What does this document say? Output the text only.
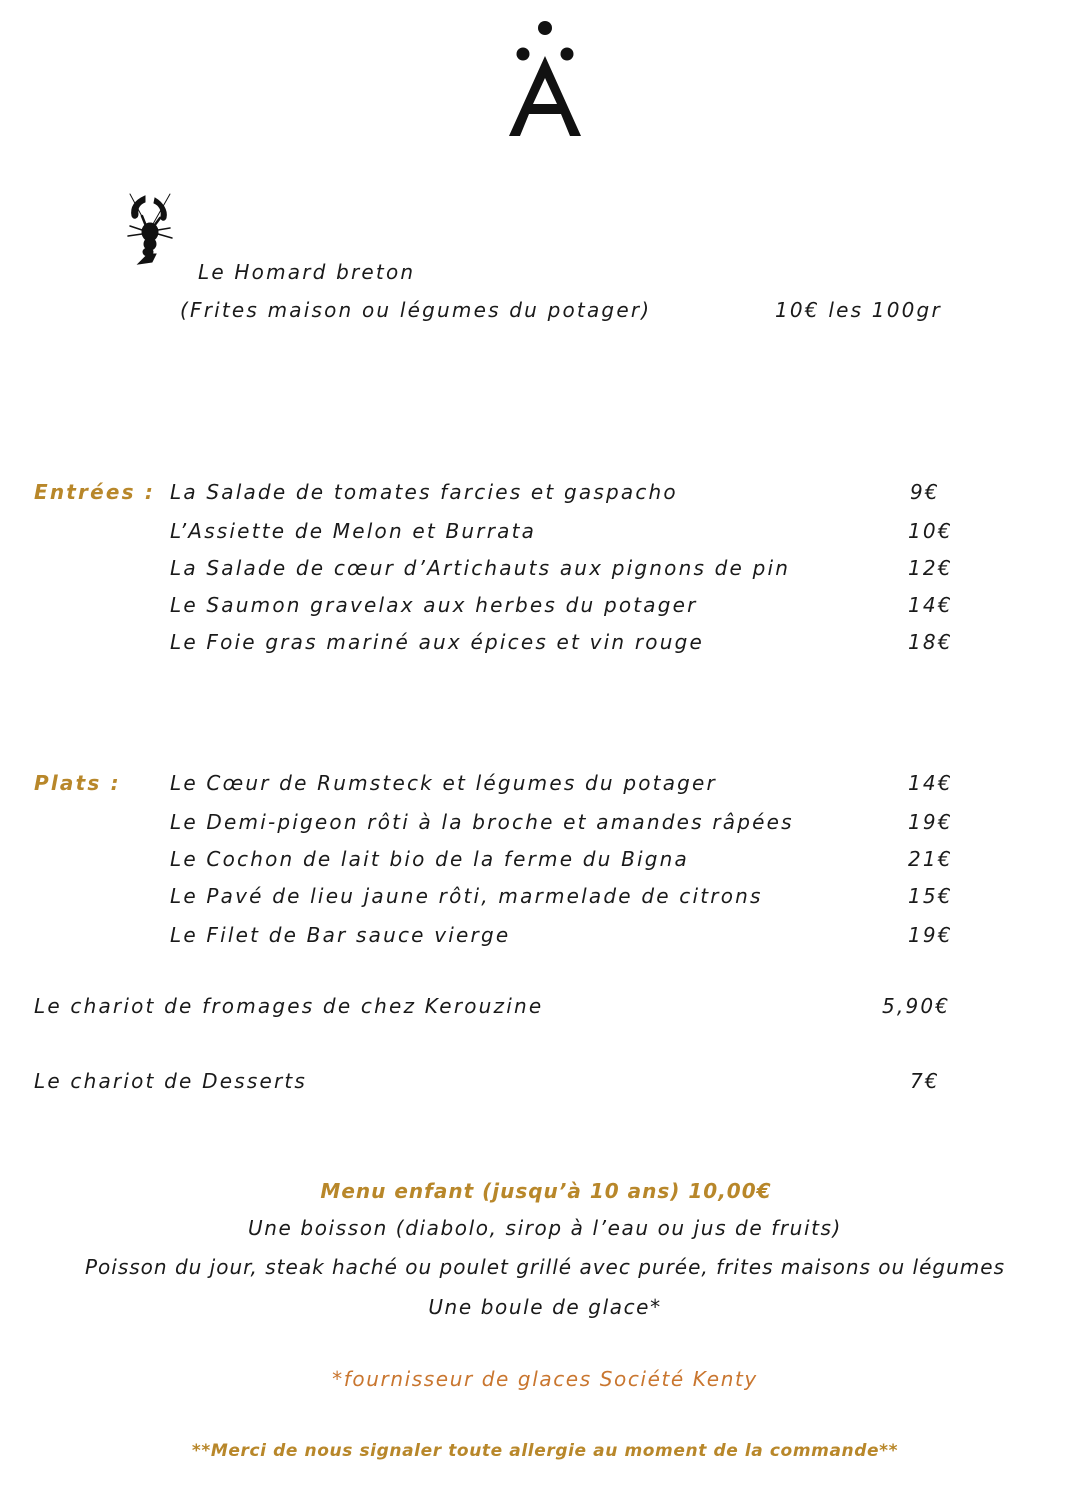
Le Homard breton
(Frites maison ou légumes du potager)	10€ les 100gr
Entrées : La Salade de tomates farcies et gaspacho	9€
L’Assiette de Melon et Burrata	10€
La Salade de cœur d’Artichauts aux pignons de pin	12€
Le Saumon gravelax aux herbes du potager	14€
Le Foie gras mariné aux épices et vin rouge	18€
Plats : Le Cœur de Rumsteck et légumes du potager	14€
Le Demi-pigeon rôti à la broche et amandes râpées	19€
Le Cochon de lait bio de la ferme du Bigna	21€
Le Pavé de lieu jaune rôti, marmelade de citrons	15€
Le Filet de Bar sauce vierge	19€
Le chariot de fromages de chez Kerouzine	5,90€
Le chariot de Desserts	7€
Menu enfant (jusqu’à 10 ans) 10,00€
Une boisson (diabolo, sirop à l’eau ou jus de fruits)
Poisson du jour, steak haché ou poulet grillé avec purée, frites maisons ou légumes
Une boule de glace*
*fournisseur de glaces Société Kenty
**Merci de nous signaler toute allergie au moment de la commande**
